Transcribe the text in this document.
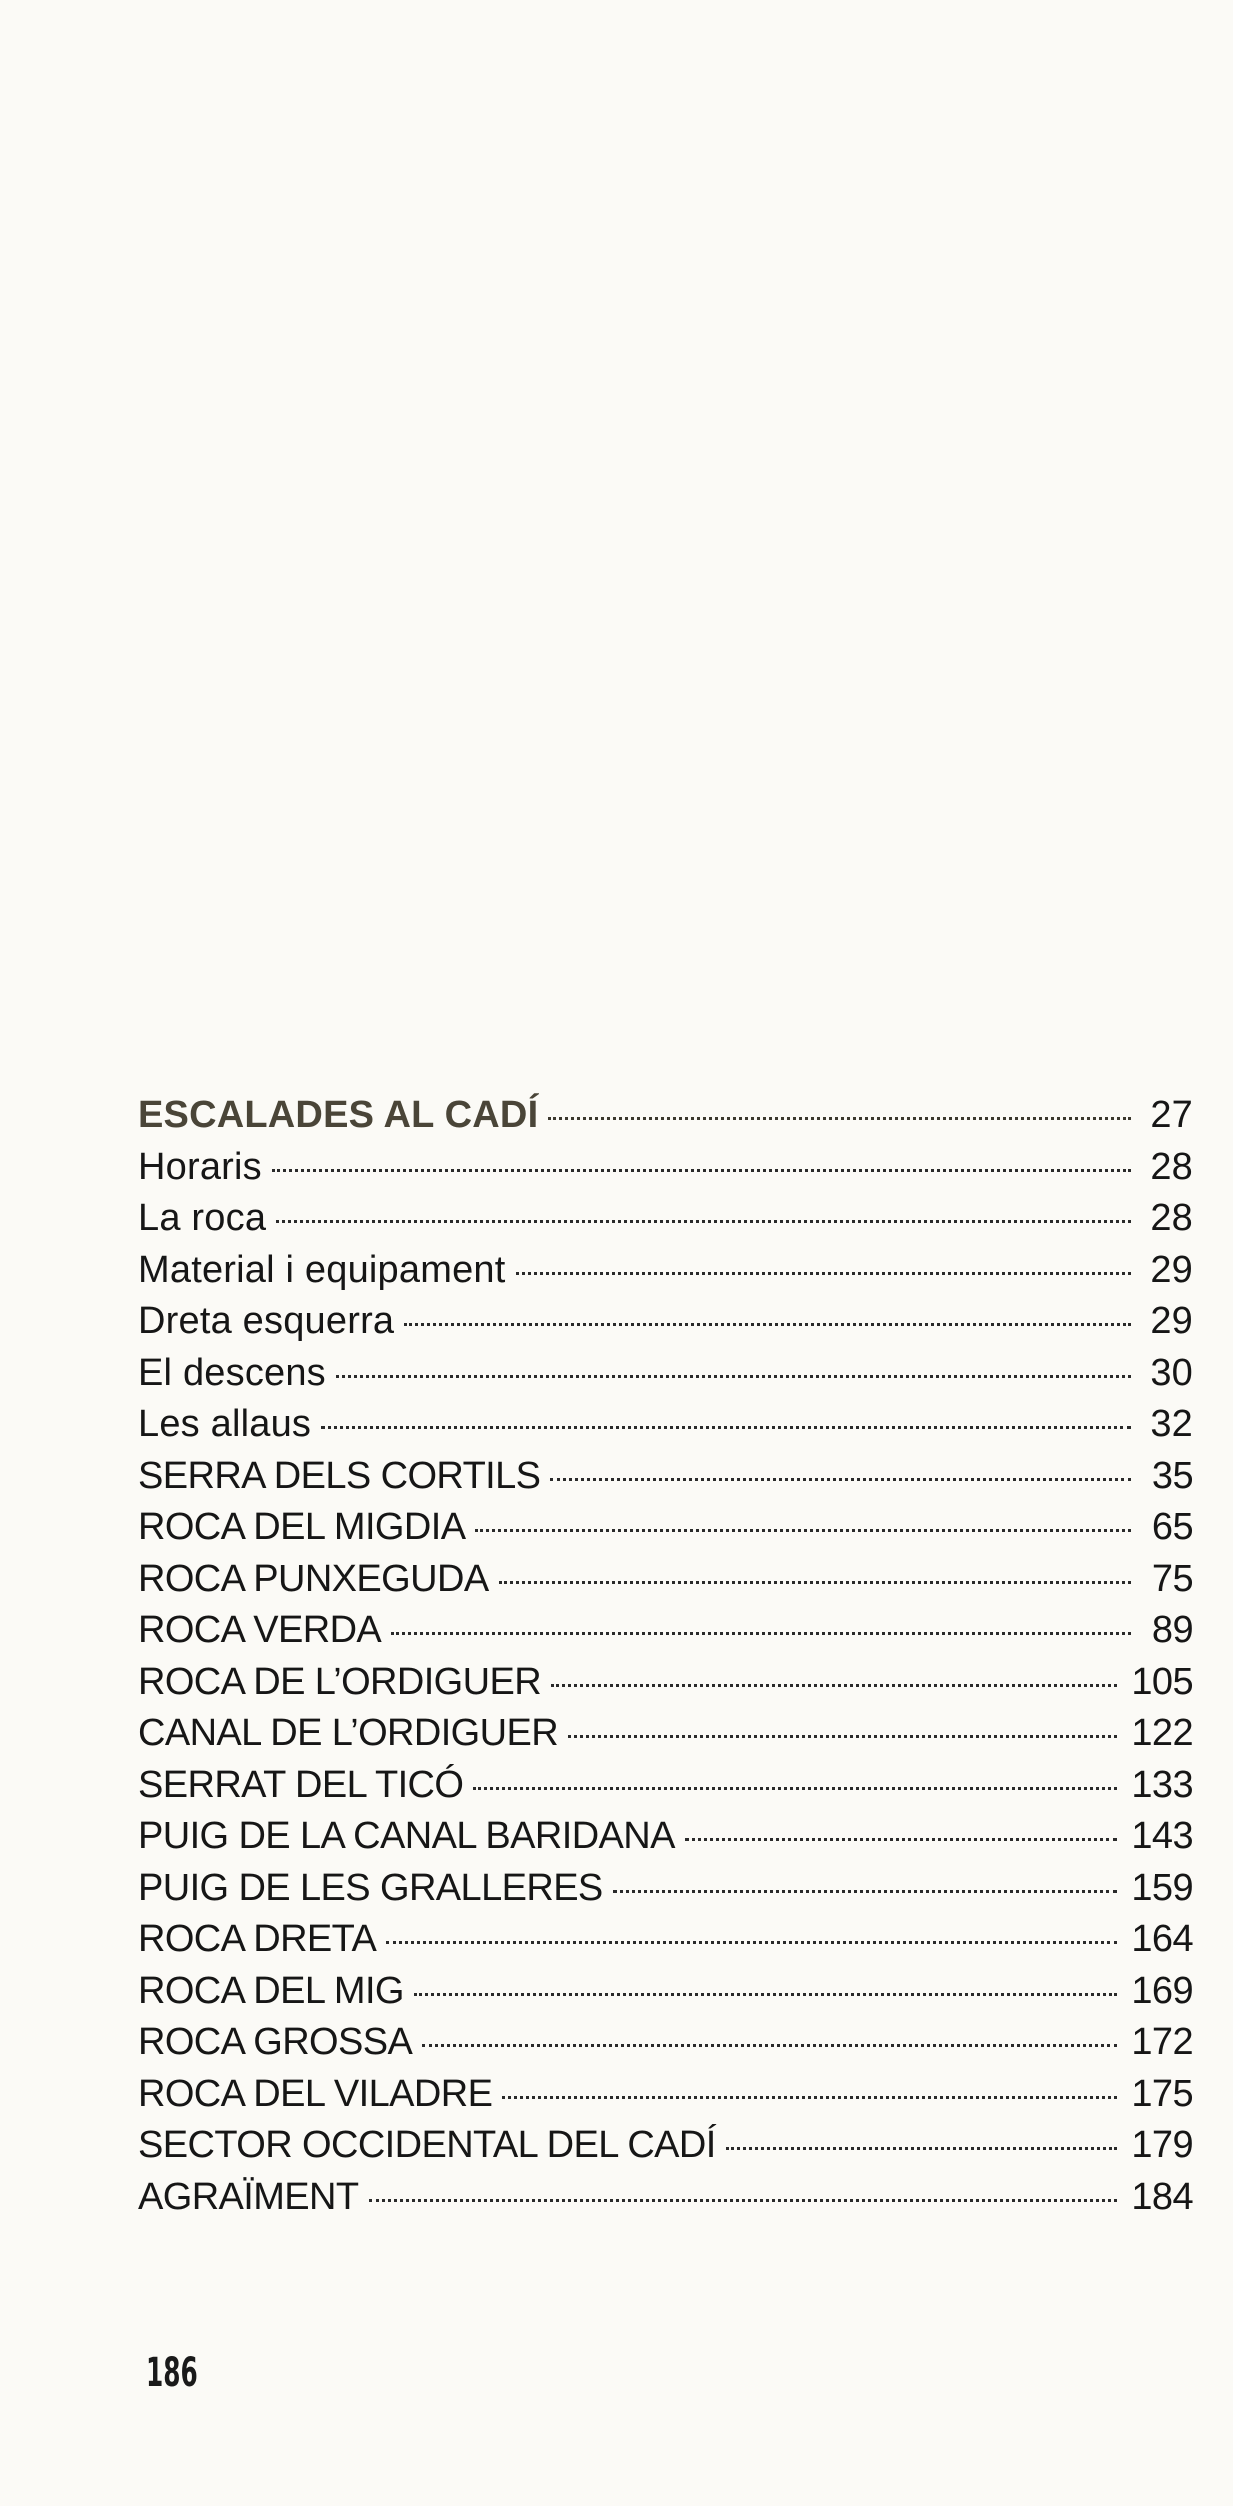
ESCALADES AL CADÍ	27
Horaris	28
La roca	28
Material i equipament	29
Dreta esquerra	29
El descens	30
Les allaus	32
SERRA DELS CORTILS	35
ROCA DEL MIGDIA	65
ROCA PUNXEGUDA	75
ROCA VERDA	89
ROCA DE L’ORDIGUER	105
CANAL DE L’ORDIGUER	122
SERRAT DEL TICÓ	133
PUIG DE LA CANAL BARIDANA	143
PUIG DE LES GRALLERES	159
ROCA DRETA	164
ROCA DEL MIG	169
ROCA GROSSA	172
ROCA DEL VILADRE	175
SECTOR OCCIDENTAL DEL CADÍ	179
AGRAÏMENT	184
186
